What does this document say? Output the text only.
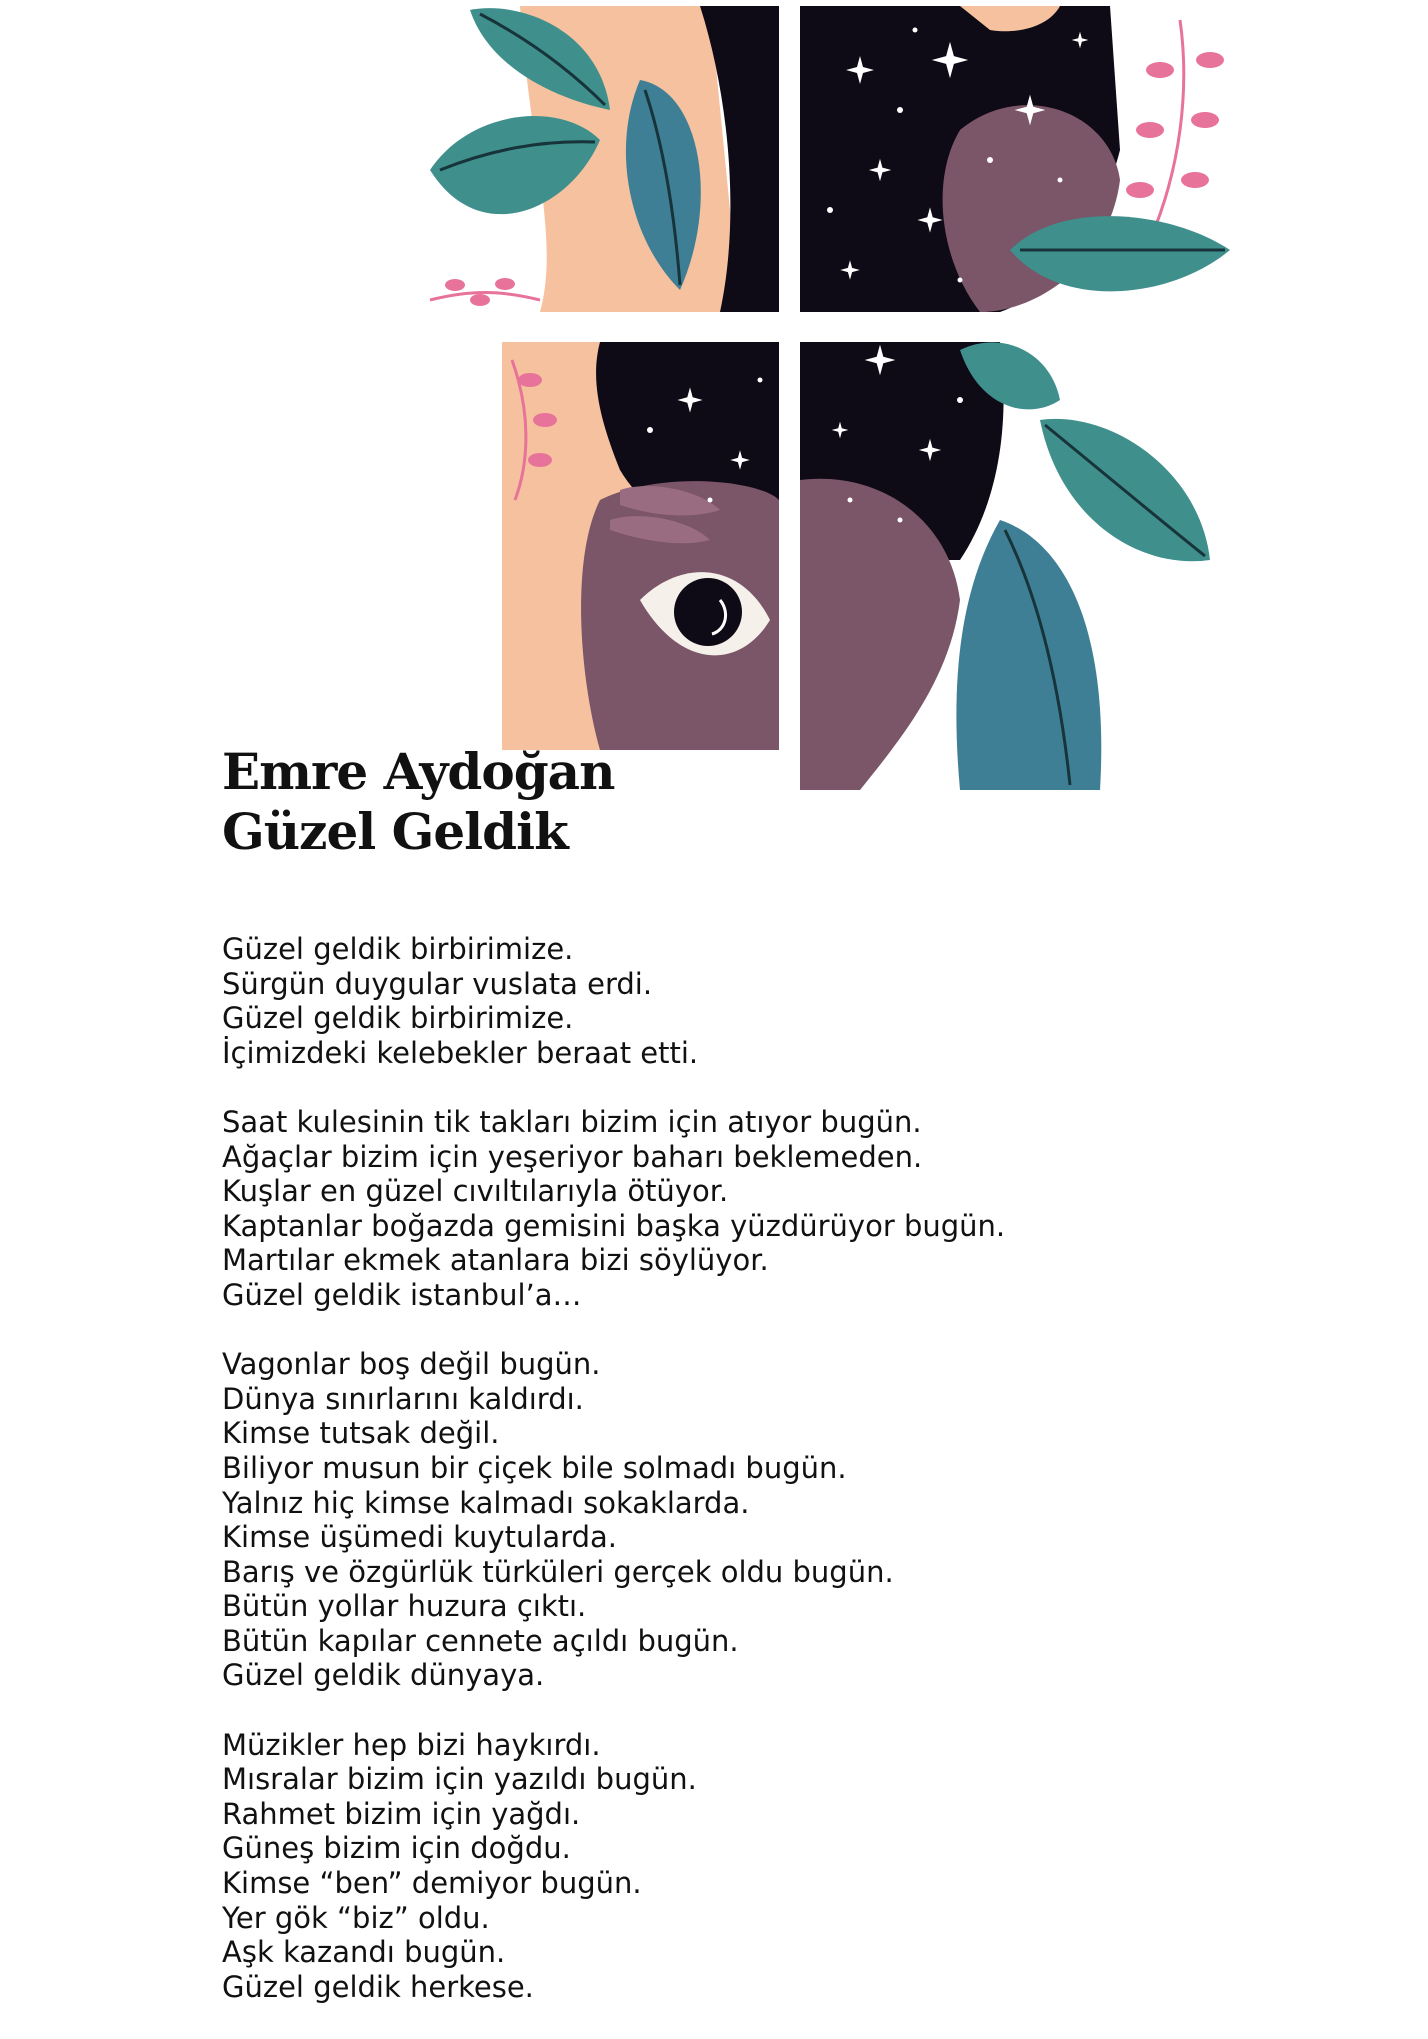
Emre Aydoğan
Güzel Geldik

Güzel geldik birbirimize.
Sürgün duygular vuslata erdi.
Güzel geldik birbirimize.
İçimizdeki kelebekler beraat etti.

Saat kulesinin tik takları bizim için atıyor bugün.
Ağaçlar bizim için yeşeriyor baharı beklemeden.
Kuşlar en güzel cıvıltılarıyla ötüyor.
Kaptanlar boğazda gemisini başka yüzdürüyor bugün.
Martılar ekmek atanlara bizi söylüyor.
Güzel geldik istanbul’a…

Vagonlar boş değil bugün.
Dünya sınırlarını kaldırdı.
Kimse tutsak değil.
Biliyor musun bir çiçek bile solmadı bugün.
Yalnız hiç kimse kalmadı sokaklarda.
Kimse üşümedi kuytularda.
Barış ve özgürlük türküleri gerçek oldu bugün.
Bütün yollar huzura çıktı.
Bütün kapılar cennete açıldı bugün.
Güzel geldik dünyaya.

Müzikler hep bizi haykırdı.
Mısralar bizim için yazıldı bugün.
Rahmet bizim için yağdı.
Güneş bizim için doğdu.
Kimse “ben” demiyor bugün.
Yer gök “biz” oldu.
Aşk kazandı bugün.
Güzel geldik herkese.
